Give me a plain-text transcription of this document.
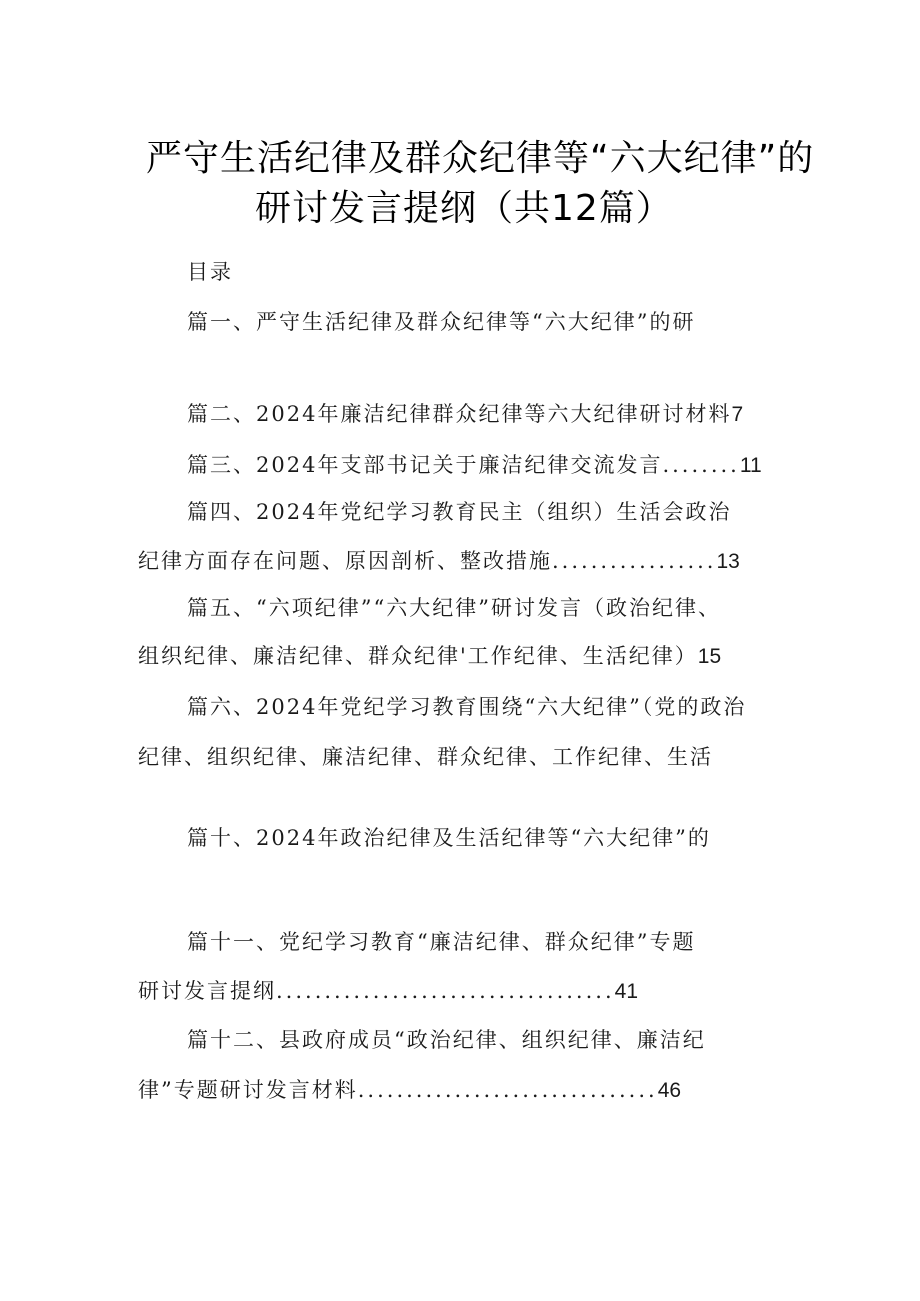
严守生活纪律及群众纪律等“六大纪律”的
研讨发言提纲（共12篇）
目录
篇一、严守生活纪律及群众纪律等“六大纪律”的研
篇二、2024年廉洁纪律群众纪律等六大纪律研讨材料7
篇三、2024年支部书记关于廉洁纪律交流发言........11
篇四、2024年党纪学习教育民主（组织）生活会政治
纪律方面存在问题、原因剖析、整改措施.................13
篇五、“六项纪律”“六大纪律”研讨发言（政治纪律、
组织纪律、廉洁纪律、群众纪律'工作纪律、生活纪律）15
篇六、2024年党纪学习教育围绕“六大纪律”（党的政治
纪律、组织纪律、廉洁纪律、群众纪律、工作纪律、生活
篇十、2024年政治纪律及生活纪律等“六大纪律”的
篇十一、党纪学习教育“廉洁纪律、群众纪律”专题
研讨发言提纲...................................41
篇十二、县政府成员“政治纪律、组织纪律、廉洁纪
律”专题研讨发言材料...............................46
